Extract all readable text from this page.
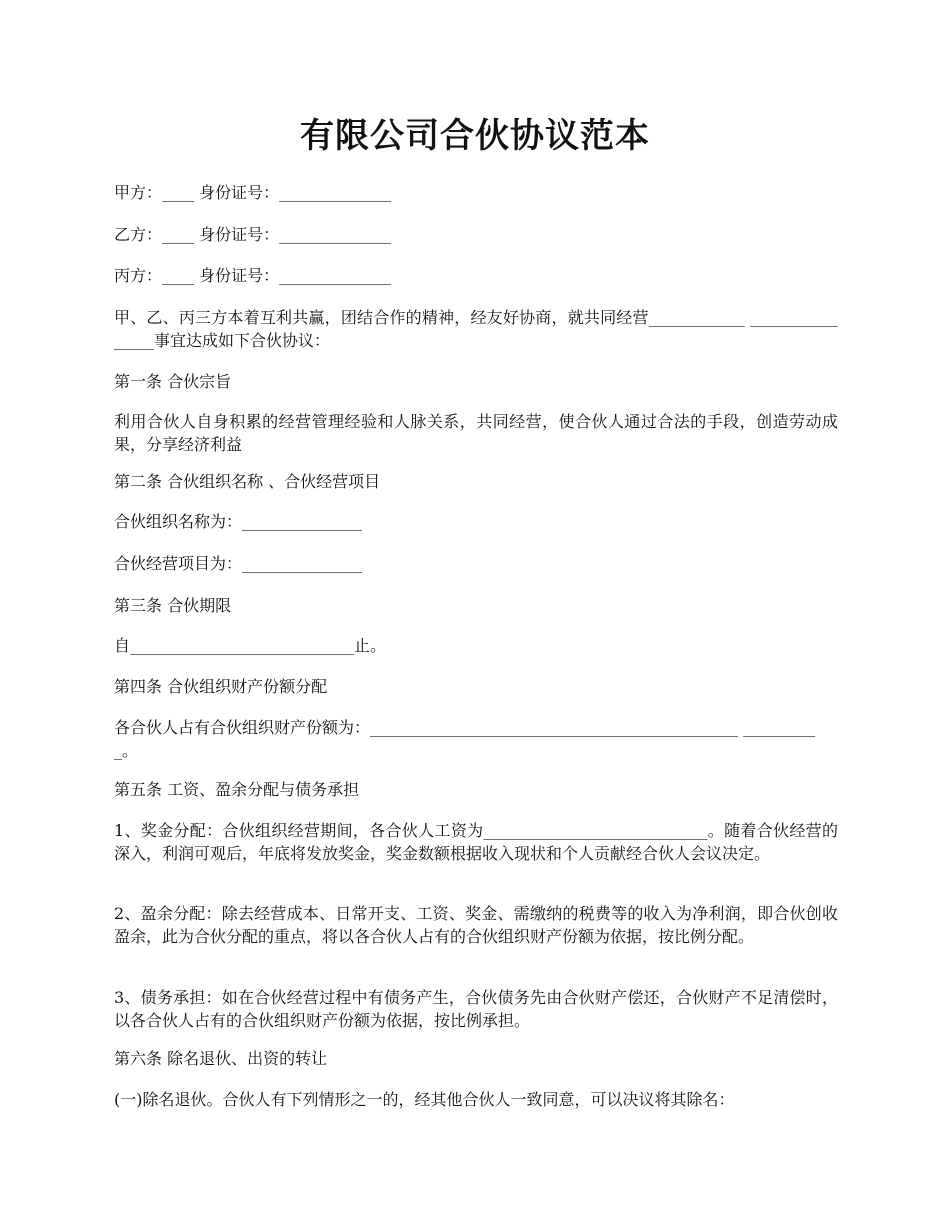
有限公司合伙协议范本

甲方：____ 身份证号：______________

乙方：____ 身份证号：______________

丙方：____ 身份证号：______________

甲、乙、丙三方本着互利共赢，团结合作的精神，经友好协商，就共同经营____________ ________________事宜达成如下合伙协议：

第一条 合伙宗旨

利用合伙人自身积累的经营管理经验和人脉关系，共同经营，使合伙人通过合法的手段，创造劳动成果，分享经济利益

第二条 合伙组织名称 、合伙经营项目

合伙组织名称为：_______________

合伙经营项目为：_______________

第三条 合伙期限

自____________________________止。

第四条 合伙组织财产份额分配

各合伙人占有合伙组织财产份额为：______________________________________________ __________。

第五条 工资、盈余分配与债务承担

1、奖金分配：合伙组织经营期间，各合伙人工资为____________________________。随着合伙经营的深入，利润可观后，年底将发放奖金，奖金数额根据收入现状和个人贡献经合伙人会议决定。

2、盈余分配：除去经营成本、日常开支、工资、奖金、需缴纳的税费等的收入为净利润，即合伙创收盈余，此为合伙分配的重点，将以各合伙人占有的合伙组织财产份额为依据，按比例分配。

3、债务承担：如在合伙经营过程中有债务产生，合伙债务先由合伙财产偿还，合伙财产不足清偿时，以各合伙人占有的合伙组织财产份额为依据，按比例承担。

第六条 除名退伙、出资的转让

(一)除名退伙。合伙人有下列情形之一的，经其他合伙人一致同意，可以决议将其除名：
